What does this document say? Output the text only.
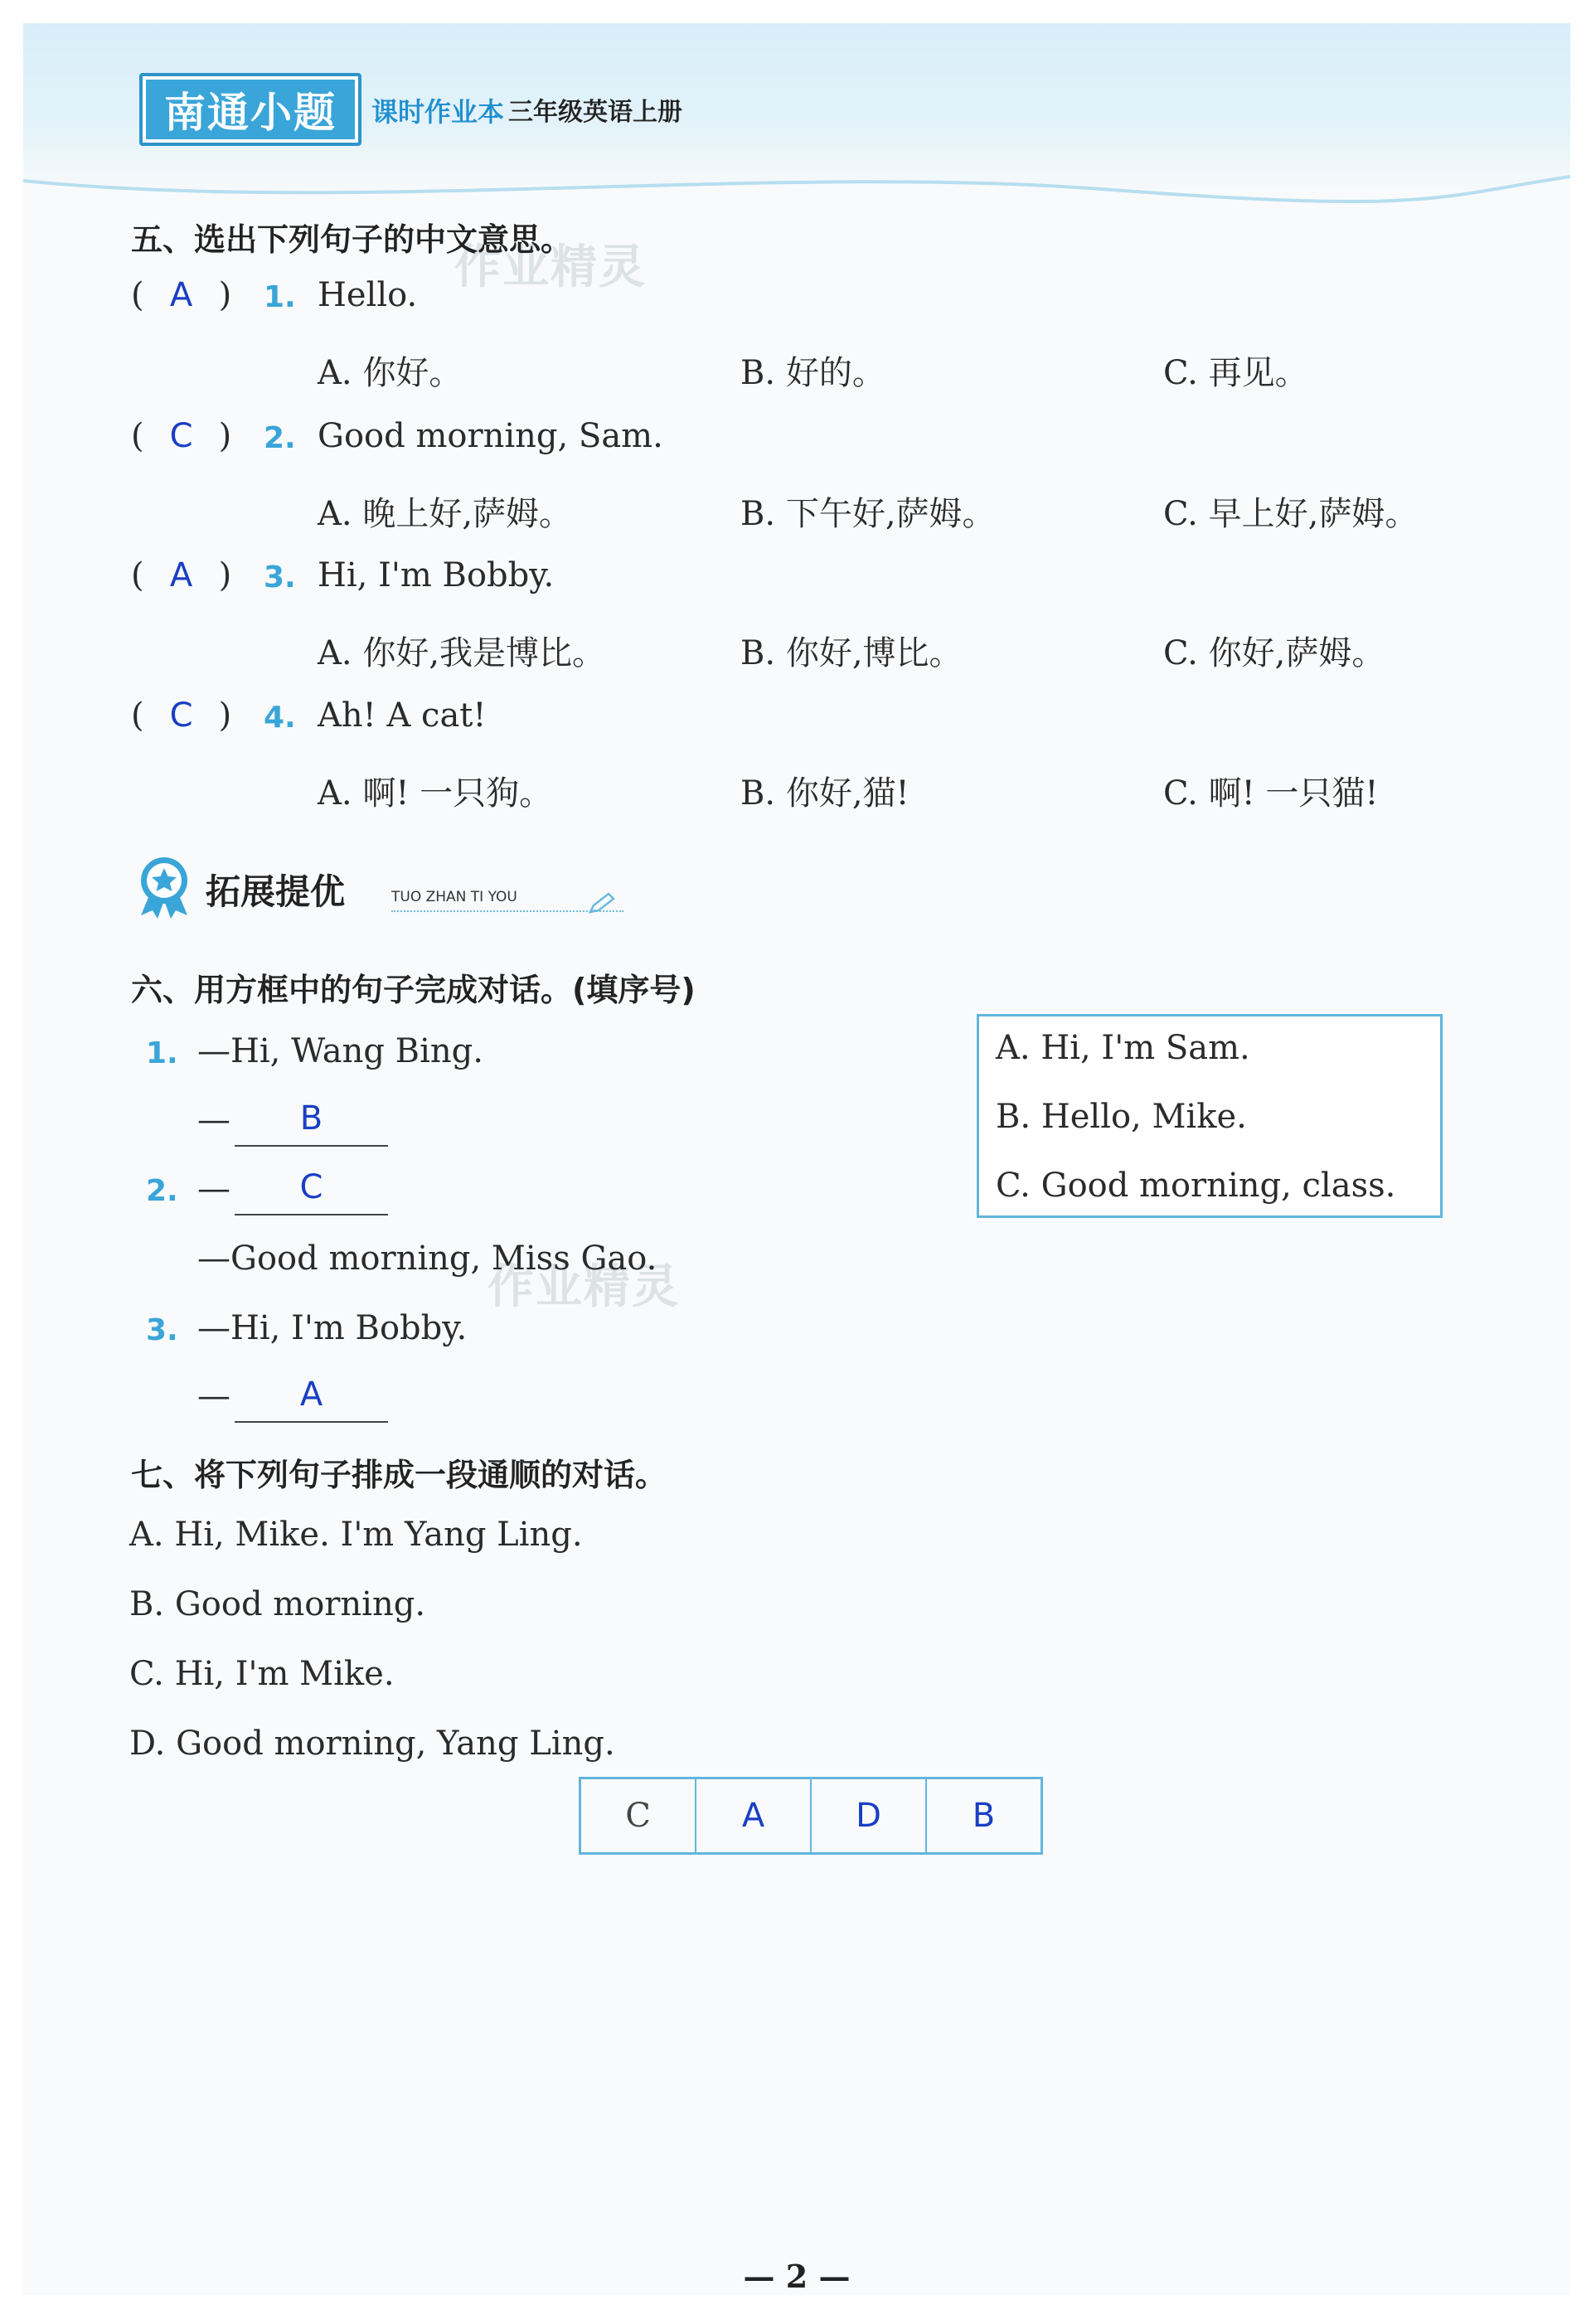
南通小题	课时作业本 三年级英语上册
作业精灵
作业精灵
五、选出下列句子的中文意思。
( A ) 1. Hello.
A. 你好。	B. 好的。	C. 再见。
( C ) 2. Good morning, Sam.
A. 晚上好,萨姆。	B. 下午好,萨姆。	C. 早上好,萨姆。
( A ) 3. Hi, I'm Bobby.
A. 你好,我是博比。	B. 你好,博比。	C. 你好,萨姆。
( C ) 4. Ah! A cat!
A. 啊! 一只狗。	B. 你好,猫!	C. 啊! 一只猫!
拓展提优	TUO ZHAN TI YOU
六、用方框中的句子完成对话。(填序号)
1. —Hi, Wang Bing.
—	B
2. —	C
—Good morning, Miss Gao.
3. —Hi, I'm Bobby.
—	A
A. Hi, I'm Sam.
B. Hello, Mike.
C. Good morning, class.
七、将下列句子排成一段通顺的对话。
A. Hi, Mike. I'm Yang Ling.
B. Good morning.
C. Hi, I'm Mike.
D. Good morning, Yang Ling.
C	A	D	B
— 2 —
